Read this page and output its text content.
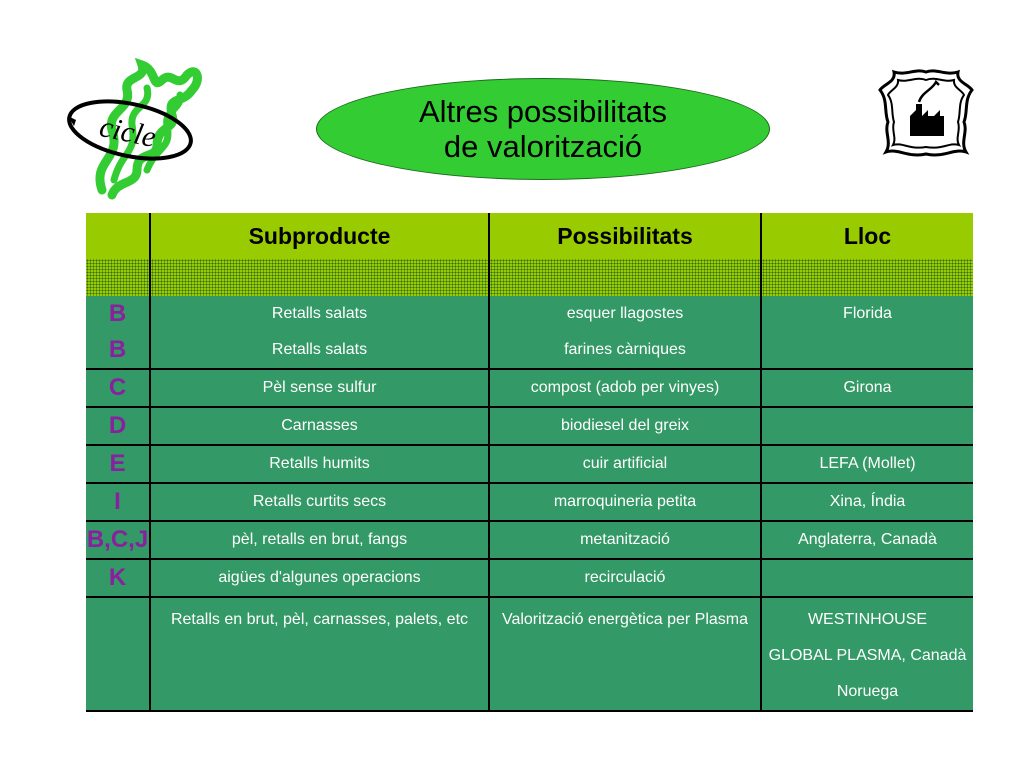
cicle	Altres possibilitats
de valorització
	Subproducte	Possibilitats	Lloc

B	Retalls salats	esquer llagostes	Florida
B	Retalls salats	farines càrniques	
C	Pèl sense sulfur	compost (adob per vinyes)	Girona
D	Carnasses	biodiesel del greix	
E	Retalls humits	cuir artificial	LEFA (Mollet)
I	Retalls curtits secs	marroquineria petita	Xina, Índia
B,C,J	pèl, retalls en brut, fangs	metanització	Anglaterra, Canadà
K	aigües d'algunes operacions	recirculació	

	Retalls en brut, pèl, carnasses, palets, etc	Valorització energètica per Plasma	WESTINHOUSE
GLOBAL PLASMA, Canadà
Noruega
